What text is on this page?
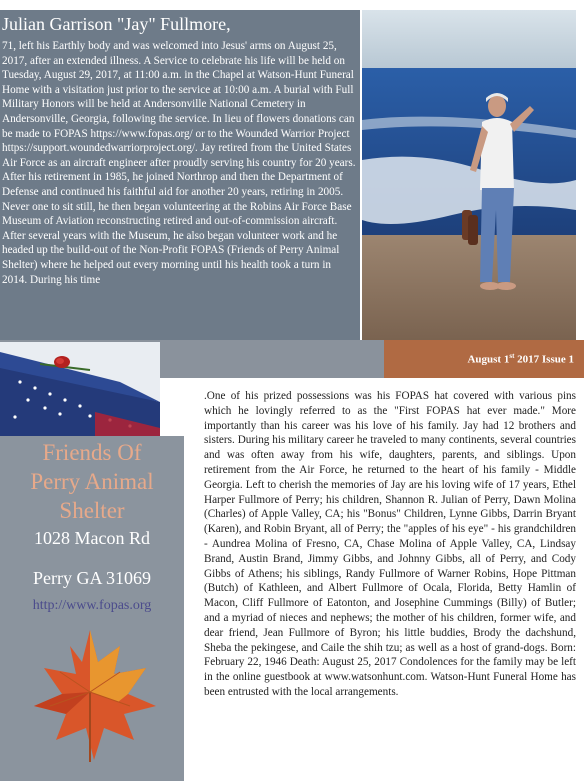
Julian Garrison "Jay" Fullmore,

71, left his Earthly body and was welcomed into Jesus' arms on August 25, 2017, after an extended illness. A Service to celebrate his life will be held on Tuesday, August 29, 2017, at 11:00 a.m. in the Chapel at Watson-Hunt Funeral Home with a visitation just prior to the service at 10:00 a.m. A burial with Full Military Honors will be held at Andersonville National Cemetery in Andersonville, Georgia, following the service. In lieu of flowers donations can be made to FOPAS https://www.fopas.org/ or to the Wounded Warrior Project https://support.woundedwarriorproject.org/. Jay retired from the United States Air Force as an aircraft engineer after proudly serving his country for 20 years. After his retirement in 1985, he joined Northrop and then the Department of Defense and continued his faithful aid for another 20 years, retiring in 2005. Never one to sit still, he then began volunteering at the Robins Air Force Base Museum of Aviation reconstructing retired and out-of-commission aircraft. After several years with the Museum, he also began volunteer work and he headed up the build-out of the Non-Profit FOPAS (Friends of Perry Animal Shelter) where he helped out every morning until his health took a turn in 2014. During his time

August 1st 2017 Issue 1

Friends Of
Perry Animal
Shelter

1028 Macon Rd
Perry GA 31069
http://www.fopas.org

.One of his prized possessions was his FOPAS hat covered with various pins which he lovingly referred to as the "First FOPAS hat ever made." More importantly than his career was his love of his family. Jay had 12 brothers and sisters. During his military career he traveled to many continents, several countries and was often away from his wife, daughters, parents, and siblings. Upon retirement from the Air Force, he returned to the heart of his family - Middle Georgia. Left to cherish the memories of Jay are his loving wife of 17 years, Ethel Harper Fullmore of Perry; his children, Shannon R. Julian of Perry, Dawn Molina (Charles) of Apple Valley, CA; his "Bonus" Children, Lynne Gibbs, Darrin Bryant (Karen), and Robin Bryant, all of Perry; the "apples of his eye" - his grandchildren - Aundrea Molina of Fresno, CA, Chase Molina of Apple Valley, CA, Lindsay Brand, Austin Brand, Jimmy Gibbs, and Johnny Gibbs, all of Perry, and Cody Gibbs of Athens; his siblings, Randy Fullmore of Warner Robins, Hope Pittman (Butch) of Kathleen, and Albert Fullmore of Ocala, Florida, Betty Hamlin of Macon, Cliff Fullmore of Eatonton, and Josephine Cummings (Billy) of Butler; and a myriad of nieces and nephews; the mother of his children, former wife, and dear friend, Jean Fullmore of Byron; his little buddies, Brody the dachshund, Sheba the pekingese, and Caile the shih tzu; as well as a host of grand-dogs. Born: February 22, 1946 Death: August 25, 2017 Condolences for the family may be left in the online guestbook at www.watsonhunt.com. Watson-Hunt Funeral Home has been entrusted with the local arrangements.
